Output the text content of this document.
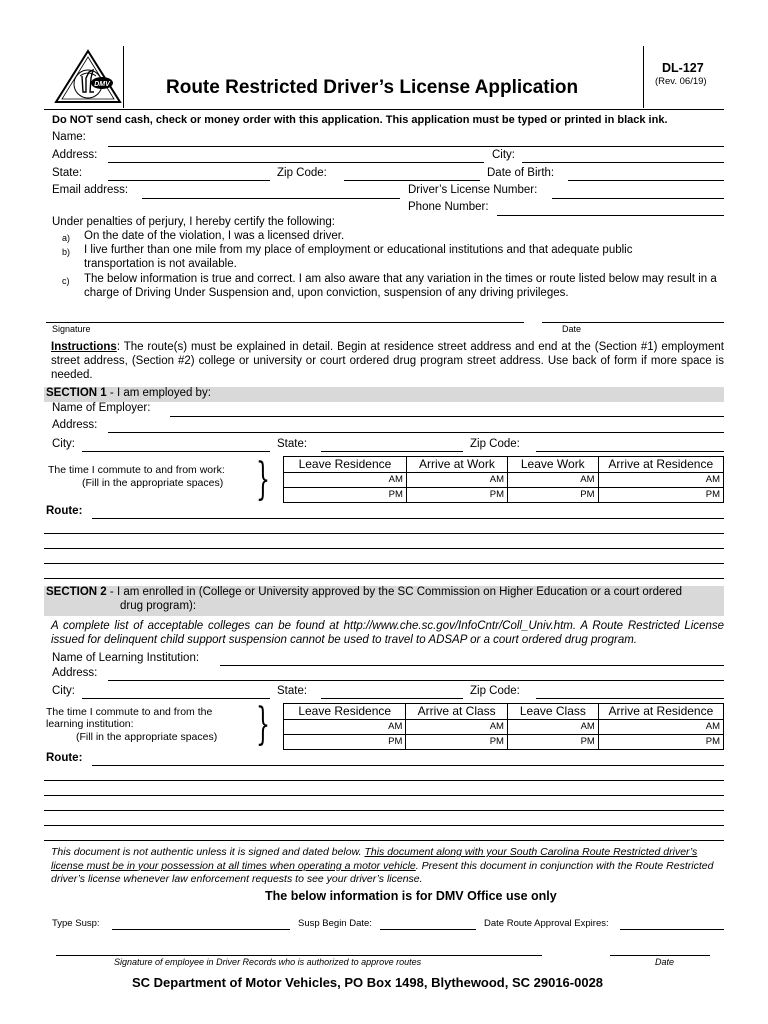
DMV	Route Restricted Driver’s License Application
DL-127
(Rev. 06/19)
Do NOT send cash, check or money order with this application. This application must be typed or printed in black ink.
Name:
Address:	City:
State:	Zip Code:	Date of Birth:
Email address:	Driver’s License Number:
Phone Number:
Under penalties of perjury, I hereby certify the following:
a) On the date of the violation, I was a licensed driver.
b) I live further than one mile from my place of employment or educational institutions and that adequate public transportation is not available.
c) The below information is true and correct. I am also aware that any variation in the times or route listed below may result in a charge of Driving Under Suspension and, upon conviction, suspension of any driving privileges.
Signature	Date
Instructions: The route(s) must be explained in detail. Begin at residence street address and end at the (Section #1) employment street address, (Section #2) college or university or court ordered drug program street address. Use back of form if more space is needed.
SECTION 1 - I am employed by:
Name of Employer:
Address:
City:	State:	Zip Code:
The time I commute to and from work:
(Fill in the appropriate spaces) } Leave Residence	Arrive at Work	Leave Work	Arrive at Residence
AM	AM	AM	AM
PM	PM	PM	PM
Route:
SECTION 2 - I am enrolled in (College or University approved by the SC Commission on Higher Education or a court ordered
drug program):
A complete list of acceptable colleges can be found at http://www.che.sc.gov/InfoCntr/Coll_Univ.htm. A Route Restricted License issued for delinquent child support suspension cannot be used to travel to ADSAP or a court ordered drug program.
Name of Learning Institution:
Address:
City:	State:	Zip Code:
The time I commute to and from the
learning institution:
(Fill in the appropriate spaces) } Leave Residence	Arrive at Class	Leave Class	Arrive at Residence
AM	AM	AM	AM
PM	PM	PM	PM
Route:
This document is not authentic unless it is signed and dated below. This document along with your South Carolina Route Restricted driver’s license must be in your possession at all times when operating a motor vehicle. Present this document in conjunction with the Route Restricted driver’s license whenever law enforcement requests to see your driver’s license.
The below information is for DMV Office use only
Type Susp:	Susp Begin Date:	Date Route Approval Expires:
Signature of employee in Driver Records who is authorized to approve routes	Date
SC Department of Motor Vehicles, PO Box 1498, Blythewood, SC 29016-0028
